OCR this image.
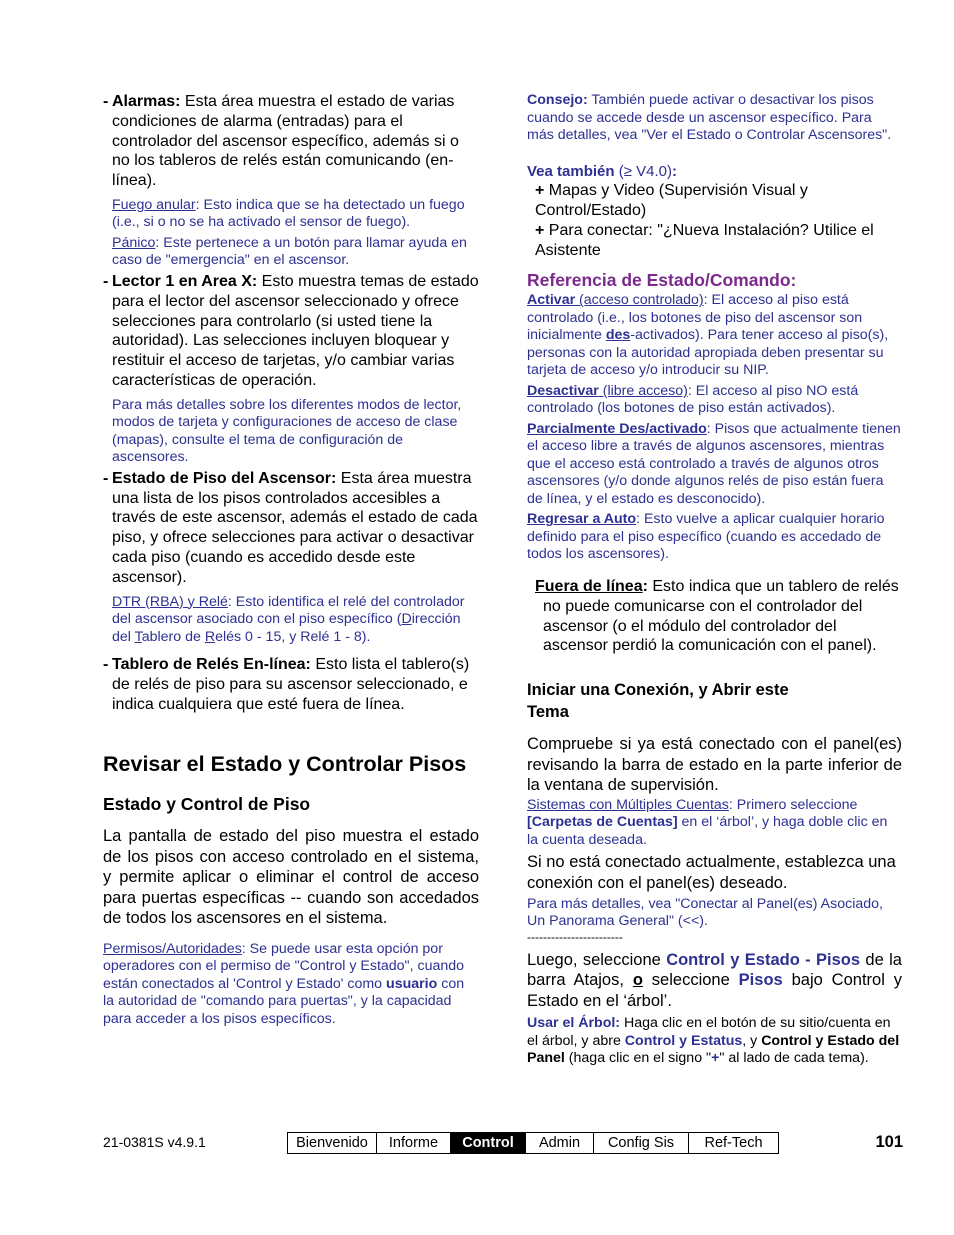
- Alarmas: Esta área muestra el estado de varias condiciones de alarma (entradas) para el controlador del ascensor específico, además si o no los tableros de relés están comunicando (en-línea).
Fuego anular: Esto indica que se ha detectado un fuego (i.e., si o no se ha activado el sensor de fuego).
Pánico: Este pertenece a un botón para llamar ayuda en caso de "emergencia" en el ascensor.
- Lector 1 en Area X: Esto muestra temas de estado para el lector del ascensor seleccionado y ofrece selecciones para controlarlo (si usted tiene la autoridad). Las selecciones incluyen bloquear y restituir el acceso de tarjetas, y/o cambiar varias características de operación.
Para más detalles sobre los diferentes modos de lector, modos de tarjeta y configuraciones de acceso de clase (mapas), consulte el tema de configuración de ascensores.
- Estado de Piso del Ascensor: Esta área muestra una lista de los pisos controlados accesibles a través de este ascensor, además el estado de cada piso, y ofrece selecciones para activar o desactivar cada piso (cuando es accedido desde este ascensor).
DTR (RBA) y Relé: Esto identifica el relé del controlador del ascensor asociado con el piso específico (Dirección del Tablero de Relés 0 - 15, y Relé 1 - 8).
- Tablero de Relés En-línea: Esto lista el tablero(s) de relés de piso para su ascensor seleccionado, e indica cualquiera que esté fuera de línea.
Revisar el Estado y Controlar Pisos
Estado y Control de Piso

La pantalla de estado del piso muestra el estado de los pisos con acceso controlado en el sistema, y permite aplicar o eliminar el control de acceso para puertas específicas -- cuando son accedados de todos los ascensores en el sistema.

Permisos/Autoridades: Se puede usar esta opción por operadores con el permiso de "Control y Estado", cuando están conectados al 'Control y Estado' como usuario con la autoridad de "comando para puertas", y la capacidad para acceder a los pisos específicos.
Consejo: También puede activar o desactivar los pisos cuando se accede desde un ascensor específico. Para más detalles, vea "Ver el Estado o Controlar Ascensores".
Vea también (≥ V4.0):
+ Mapas y Video (Supervisión Visual y Control/Estado)
+ Para conectar: "¿Nueva Instalación? Utilice el Asistente
Referencia de Estado/Comando:
Activar (acceso controlado): El acceso al piso está controlado (i.e., los botones de piso del ascensor son inicialmente des-activados). Para tener acceso al piso(s), personas con la autoridad apropiada deben presentar su tarjeta de acceso y/o introducir su NIP.
Desactivar (libre acceso): El acceso al piso NO está controlado (los botones de piso están activados).
Parcialmente Des/activado: Pisos que actualmente tienen el acceso libre a través de algunos ascensores, mientras que el acceso está controlado a través de algunos otros ascensores (y/o donde algunos relés de piso están fuera de línea, y el estado es desconocido).
Regresar a Auto: Esto vuelve a aplicar cualquier horario definido para el piso específico (cuando es accedado de todos los ascensores).
Fuera de línea: Esto indica que un tablero de relés no puede comunicarse con el controlador del ascensor (o el módulo del controlador del ascensor perdió la comunicación con el panel).
Iniciar una Conexión, y Abrir este Tema

Compruebe si ya está conectado con el panel(es) revisando la barra de estado en la parte inferior de la ventana de supervisión.

Sistemas con Múltiples Cuentas: Primero seleccione [Carpetas de Cuentas] en el ‘árbol’, y haga doble clic en la cuenta deseada.

Si no está conectado actualmente, establezca una conexión con el panel(es) deseado.

Para más detalles, vea "Conectar al Panel(es) Asociado, Un Panorama General" (<<).
------------------------

Luego, seleccione Control y Estado - Pisos de la barra Atajos, o seleccione Pisos bajo Control y Estado en el ‘árbol’.

Usar el Árbol: Haga clic en el botón de su sitio/cuenta en el árbol, y abre Control y Estatus, y Control y Estado del Panel (haga clic en el signo "+" al lado de cada tema).
21-0381S v4.9.1	Bienvenido	Informe	Control	Admin	Config Sis	Ref-Tech	101
